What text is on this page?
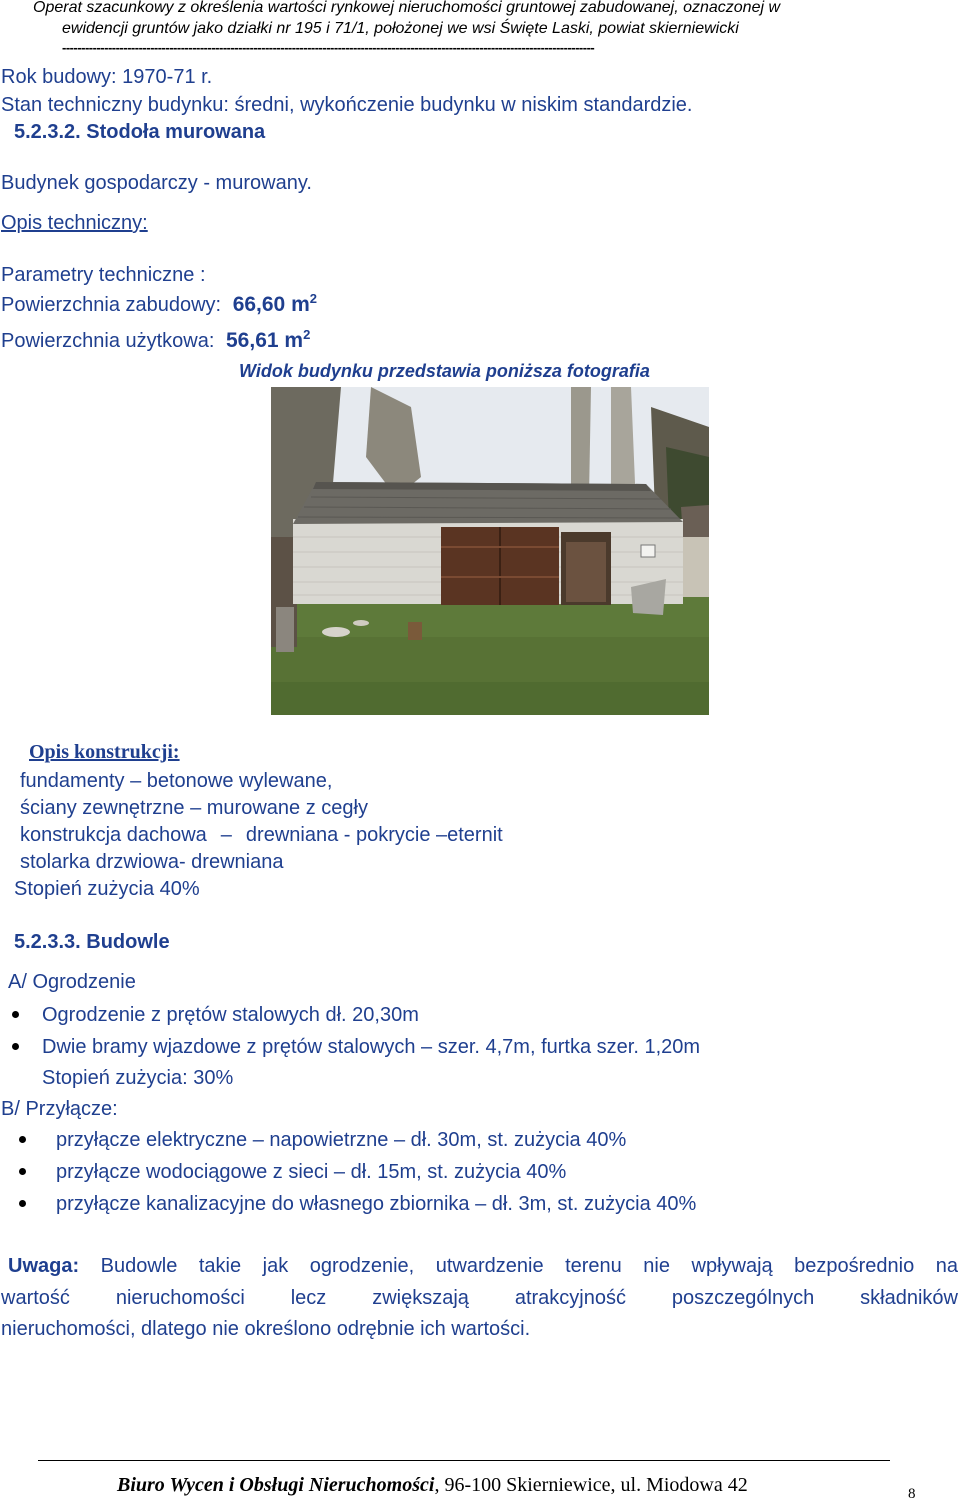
Operat szacunkowy z określenia wartości rynkowej nieruchomości gruntowej zabudowanej, oznaczonej w
ewidencji gruntów jako działki nr 195 i 71/1, położonej we wsi Święte Laski, powiat skierniewicki
-------------------------------------------------------------------------------------------------------------------------------------------
Rok budowy: 1970-71 r.
Stan techniczny budynku: średni, wykończenie budynku w niskim standardzie.
5.2.3.2. Stodoła murowana
Budynek gospodarczy - murowany.
Opis techniczny:
Parametry techniczne :
Powierzchnia zabudowy: 66,60 $m^2$
Powierzchnia użytkowa: 56,61 $m^2$
Widok budynku przedstawia poniższa fotografia
Opis konstrukcji:
fundamenty – betonowe wylewane,
ściany zewnętrzne – murowane z cegły
konstrukcja dachowa – drewniana - pokrycie –eternit
stolarka drzwiowa- drewniana
Stopień zużycia 40%
5.2.3.3. Budowle
A/ Ogrodzenie
Ogrodzenie z prętów stalowych dł. 20,30m
Dwie bramy wjazdowe z prętów stalowych – szer. 4,7m, furtka szer. 1,20m
Stopień zużycia: 30%
B/ Przyłącze:
przyłącze elektryczne – napowietrzne – dł. 30m, st. zużycia 40%
przyłącze wodociągowe z sieci – dł. 15m, st. zużycia 40%
przyłącze kanalizacyjne do własnego zbiornika – dł. 3m, st. zużycia 40%
Uwaga: Budowle takie jak ogrodzenie, utwardzenie terenu nie wpływają bezpośrednio na
wartość nieruchomości lecz zwiększają atrakcyjność poszczególnych składników
nieruchomości, dlatego nie określono odrębnie ich wartości.
Biuro Wycen i Obsługi Nieruchomości, 96-100 Skierniewice, ul. Miodowa 42	8
